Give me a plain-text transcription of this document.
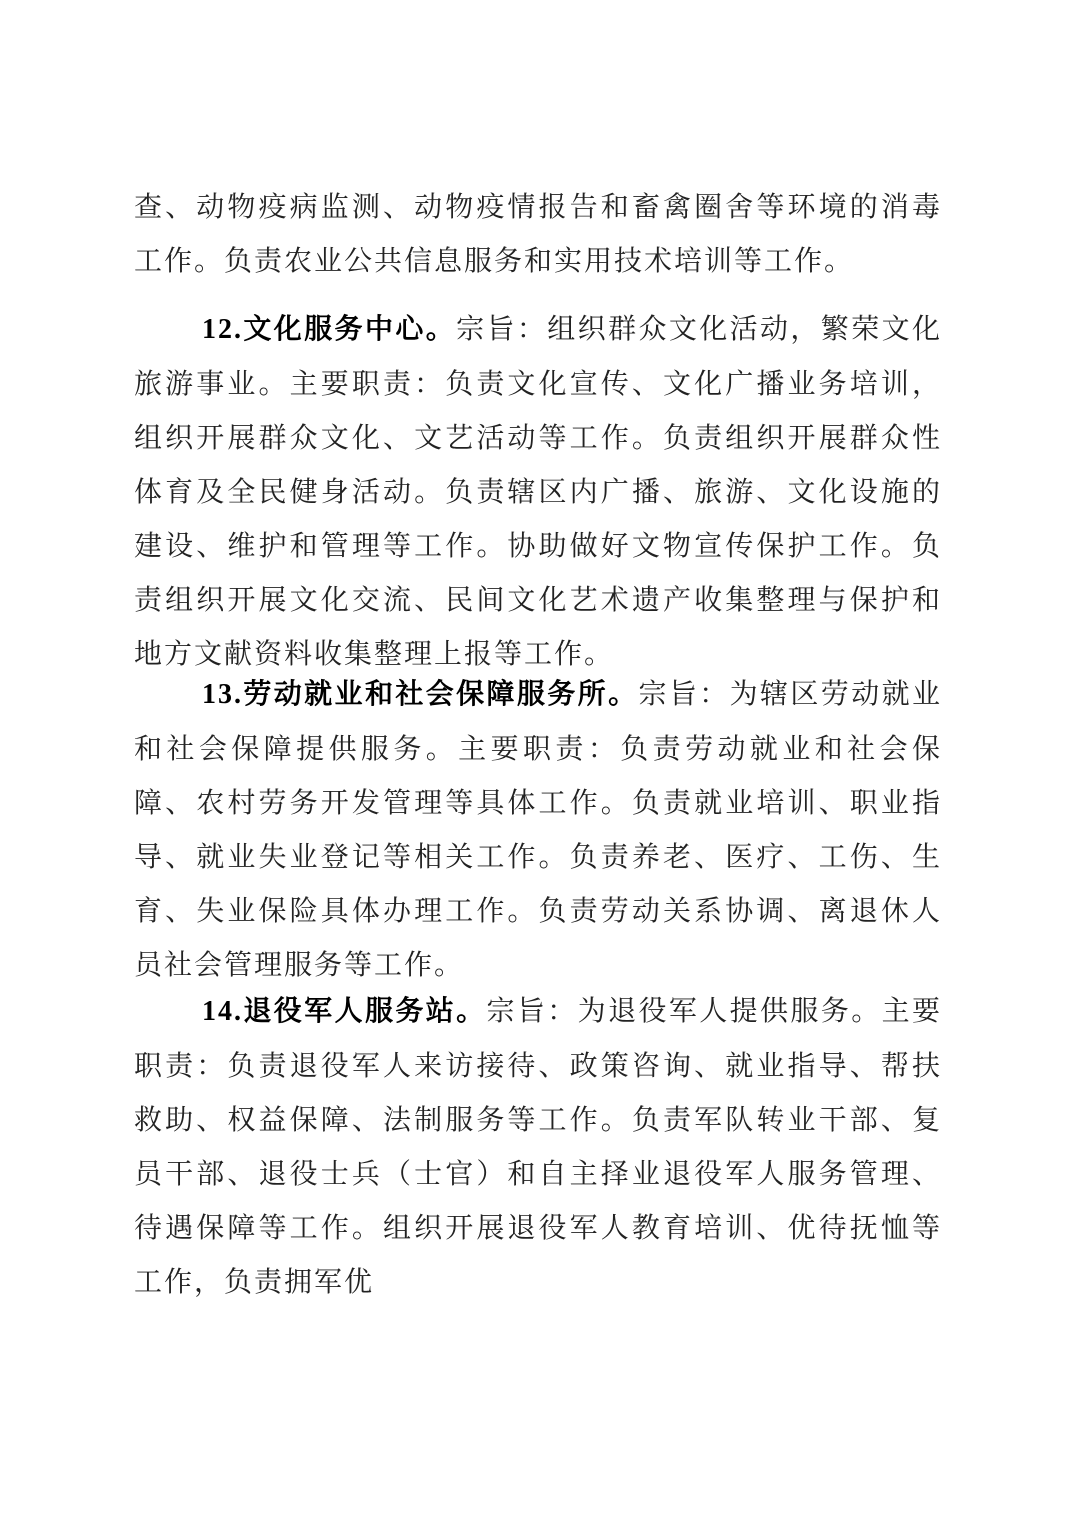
查、动物疫病监测、动物疫情报告和畜禽圈舍等环境的消毒工作。负责农业公共信息服务和实用技术培训等工作。

12.文化服务中心。宗旨：组织群众文化活动，繁荣文化旅游事业。主要职责：负责文化宣传、文化广播业务培训，组织开展群众文化、文艺活动等工作。负责组织开展群众性体育及全民健身活动。负责辖区内广播、旅游、文化设施的建设、维护和管理等工作。协助做好文物宣传保护工作。负责组织开展文化交流、民间文化艺术遗产收集整理与保护和地方文献资料收集整理上报等工作。

13.劳动就业和社会保障服务所。宗旨：为辖区劳动就业和社会保障提供服务。主要职责：负责劳动就业和社会保障、农村劳务开发管理等具体工作。负责就业培训、职业指导、就业失业登记等相关工作。负责养老、医疗、工伤、生育、失业保险具体办理工作。负责劳动关系协调、离退休人员社会管理服务等工作。

14.退役军人服务站。宗旨：为退役军人提供服务。主要职责：负责退役军人来访接待、政策咨询、就业指导、帮扶救助、权益保障、法制服务等工作。负责军队转业干部、复员干部、退役士兵（士官）和自主择业退役军人服务管理、待遇保障等工作。组织开展退役军人教育培训、优待抚恤等工作，负责拥军优
